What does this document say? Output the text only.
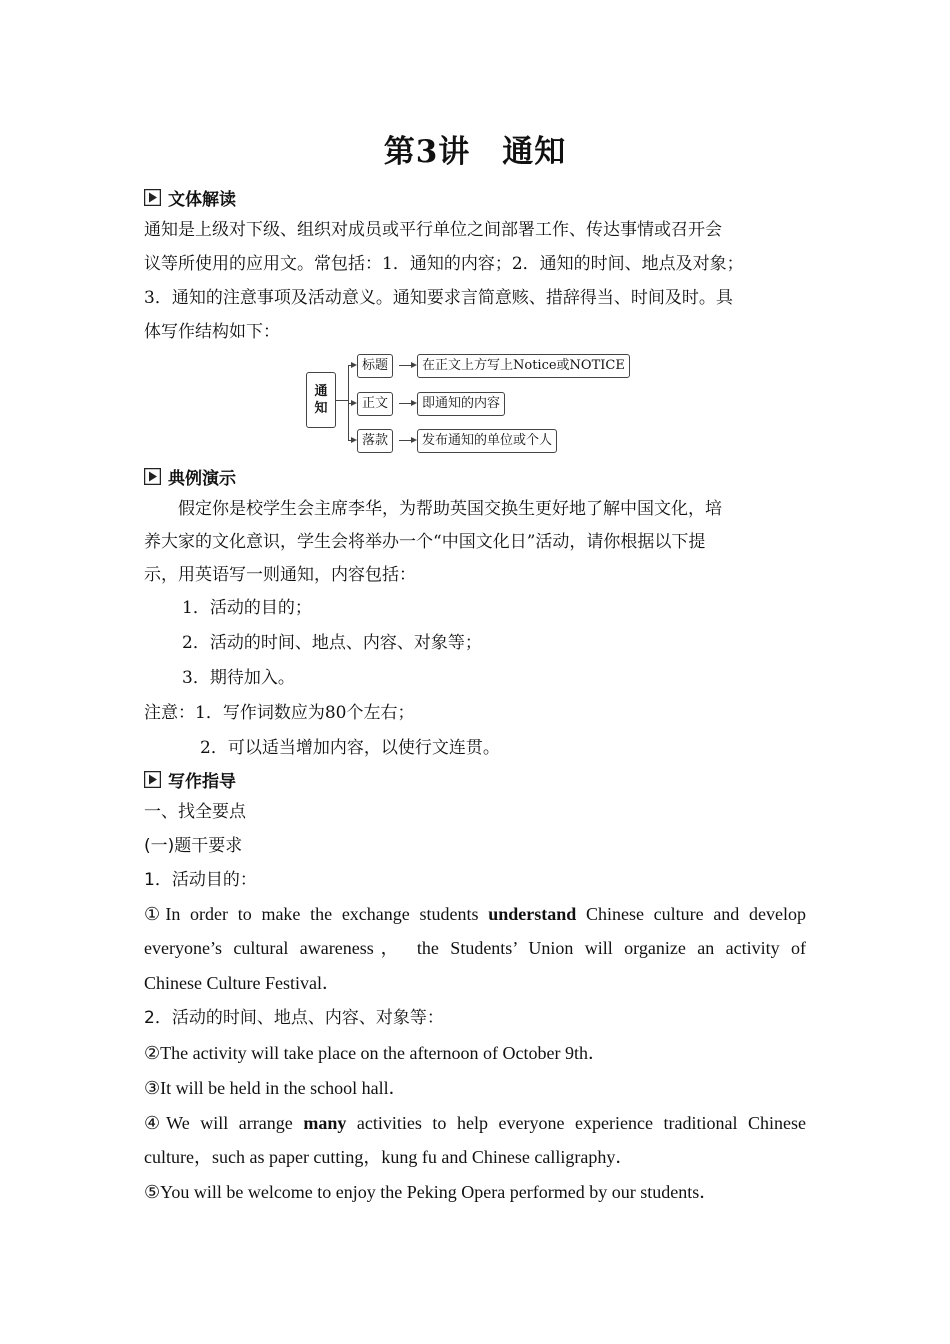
第3讲　通知
文体解读
通知是上级对下级、组织对成员或平行单位之间部署工作、传达事情或召开会
议等所使用的应用文。常包括：1．通知的内容；2．通知的时间、地点及对象；
3．通知的注意事项及活动意义。通知要求言简意赅、措辞得当、时间及时。具
体写作结构如下：
通
知
标题
正文
落款
在正文上方写上Notice或NOTICE
即通知的内容
发布通知的单位或个人
典例演示
　　假定你是校学生会主席李华，为帮助英国交换生更好地了解中国文化，培
养大家的文化意识，学生会将举办一个“中国文化日”活动，请你根据以下提
示，用英语写一则通知，内容包括：
1．活动的目的；
2．活动的时间、地点、内容、对象等；
3．期待加入。
注意：1．写作词数应为80个左右；
2．可以适当增加内容，以使行文连贯。
写作指导
一、找全要点
(一)题干要求
1．活动目的：
①In order to make the exchange students understand Chinese culture and develop
everyone’s cultural awareness， the Students’ Union will organize an activity of
Chinese Culture Festival．
2．活动的时间、地点、内容、对象等：
②The activity will take place on the afternoon of October 9th．
③It will be held in the school hall．
④We will arrange many activities to help everyone experience traditional Chinese
culture，such as paper cutting，kung fu and Chinese calligraphy．
⑤You will be welcome to enjoy the Peking Opera performed by our students．
